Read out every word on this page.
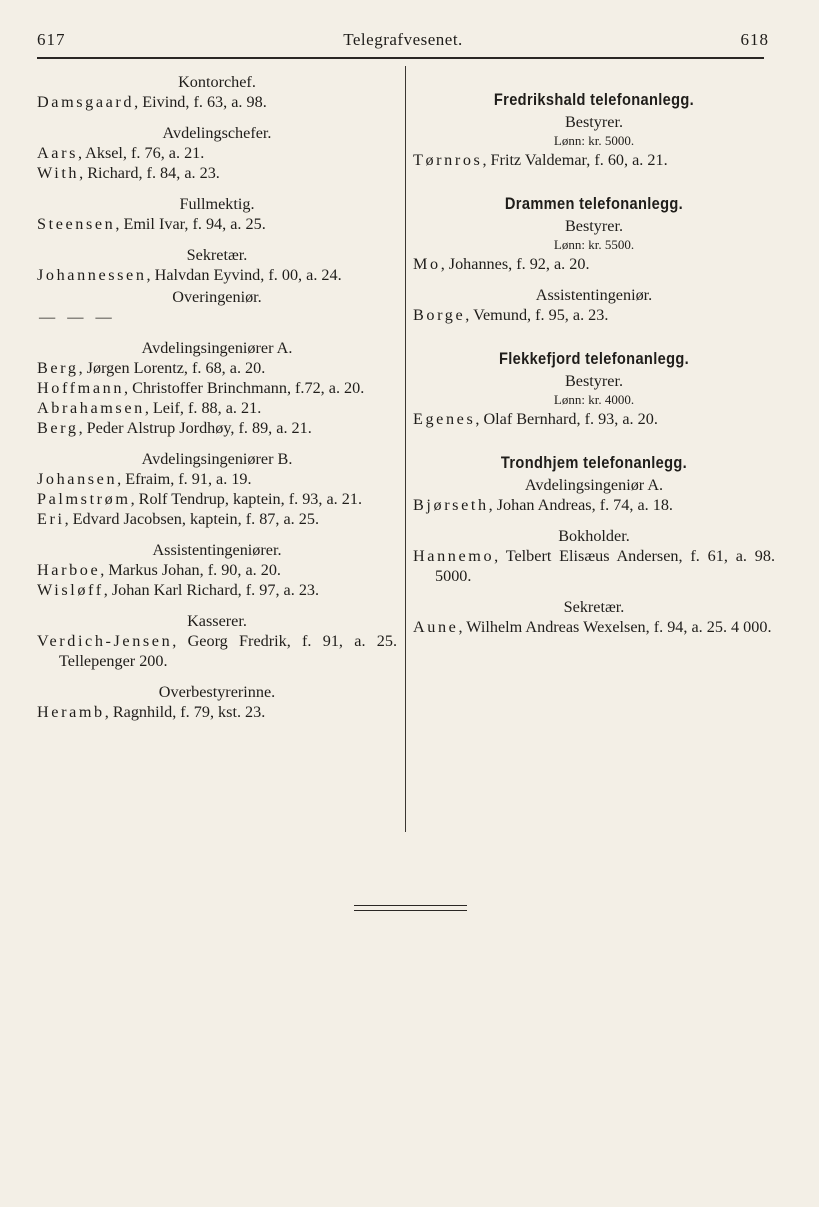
617	Telegrafvesenet.	618
Kontorchef.
Damsgaard, Eivind, f. 63, a. 98.
Avdelingschefer.
Aars, Aksel, f. 76, a. 21.
With, Richard, f. 84, a. 23.
Fullmektig.
Steensen, Emil Ivar, f. 94, a. 25.
Sekretær.
Johannessen, Halvdan Eyvind, f. 00, a. 24.
Overingeniør.
— — —
Avdelingsingeniører A.
Berg, Jørgen Lorentz, f. 68, a. 20.
Hoffmann, Christoffer Brinchmann, f.72, a. 20.
Abrahamsen, Leif, f. 88, a. 21.
Berg, Peder Alstrup Jordhøy, f. 89, a. 21.
Avdelingsingeniører B.
Johansen, Efraim, f. 91, a. 19.
Palmstrøm, Rolf Tendrup, kaptein, f. 93, a. 21.
Eri, Edvard Jacobsen, kaptein, f. 87, a. 25.
Assistentingeniører.
Harboe, Markus Johan, f. 90, a. 20.
Wisløff, Johan Karl Richard, f. 97, a. 23.
Kasserer.
Verdich-Jensen, Georg Fredrik, f. 91, a. 25. Tellepenger 200.
Overbestyrerinne.
Heramb, Ragnhild, f. 79, kst. 23.
Fredrikshald telefonanlegg.
Bestyrer.
Lønn: kr. 5000.
Tørnros, Fritz Valdemar, f. 60, a. 21.
Drammen telefonanlegg.
Bestyrer.
Lønn: kr. 5500.
Mo, Johannes, f. 92, a. 20.
Assistentingeniør.
Borge, Vemund, f. 95, a. 23.
Flekkefjord telefonanlegg.
Bestyrer.
Lønn: kr. 4000.
Egenes, Olaf Bernhard, f. 93, a. 20.
Trondhjem telefonanlegg.
Avdelingsingeniør A.
Bjørseth, Johan Andreas, f. 74, a. 18.
Bokholder.
Hannemo, Telbert Elisæus Andersen, f. 61, a. 98. 5000.
Sekretær.
Aune, Wilhelm Andreas Wexelsen, f. 94, a. 25. 4 000.
